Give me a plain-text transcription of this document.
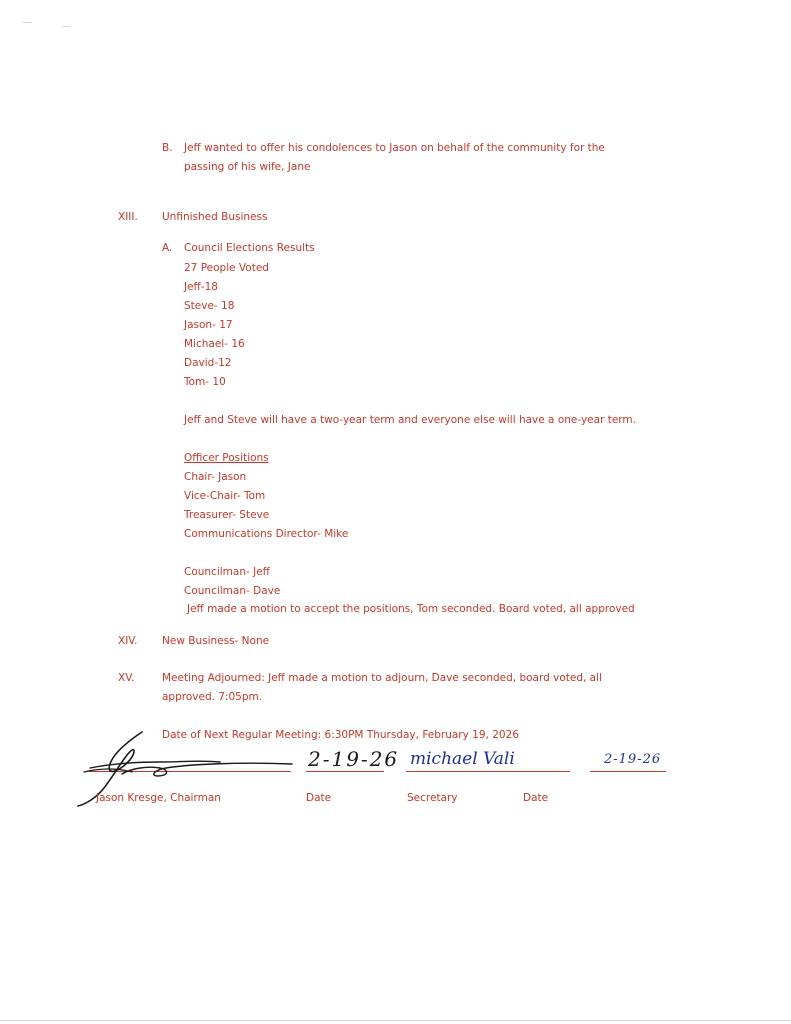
B. Jeff wanted to offer his condolences to Jason on behalf of the community for the
passing of his wife, Jane
XIII. Unfinished Business
A. Council Elections Results
27 People Voted
Jeff-18
Steve- 18
Jason- 17
Michael- 16
David-12
Tom- 10
Jeff and Steve will have a two-year term and everyone else will have a one-year term.
Officer Positions
Chair- Jason
Vice-Chair- Tom
Treasurer- Steve
Communications Director- Mike
Councilman- Jeff
Councilman- Dave
Jeff made a motion to accept the positions, Tom seconded. Board voted, all approved
XIV. New Business- None
XV.	Meeting Adjourned: Jeff made a motion to adjourn, Dave seconded, board voted, all
approved. 7:05pm.
Date of Next Regular Meeting: 6:30PM Thursday, February 19, 2026
2-19-26 michael Vali	2-19-26
Jason Kresge, Chairman	Date	Secretary	Date
